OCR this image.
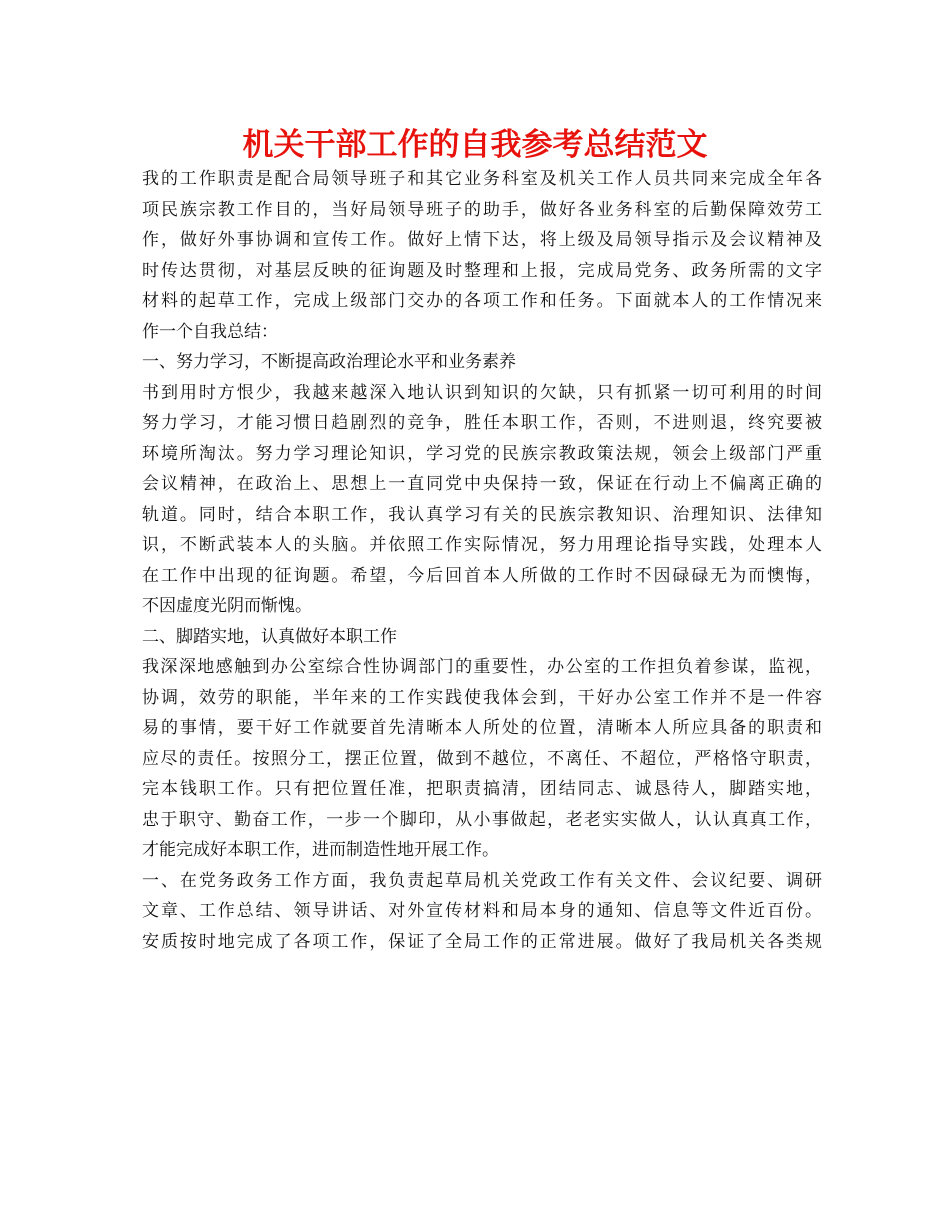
机关干部工作的自我参考总结范文

我的工作职责是配合局领导班子和其它业务科室及机关工作人员共同来完成全年各

项民族宗教工作目的，当好局领导班子的助手，做好各业务科室的后勤保障效劳工

作，做好外事协调和宣传工作。做好上情下达，将上级及局领导指示及会议精神及

时传达贯彻，对基层反映的征询题及时整理和上报，完成局党务、政务所需的文字

材料的起草工作，完成上级部门交办的各项工作和任务。下面就本人的工作情况来

作一个自我总结：

一、努力学习，不断提高政治理论水平和业务素养

书到用时方恨少，我越来越深入地认识到知识的欠缺，只有抓紧一切可利用的时间

努力学习，才能习惯日趋剧烈的竞争，胜任本职工作，否则，不进则退，终究要被

环境所淘汰。努力学习理论知识，学习党的民族宗教政策法规，领会上级部门严重

会议精神，在政治上、思想上一直同党中央保持一致，保证在行动上不偏离正确的

轨道。同时，结合本职工作，我认真学习有关的民族宗教知识、治理知识、法律知

识，不断武装本人的头脑。并依照工作实际情况，努力用理论指导实践，处理本人

在工作中出现的征询题。希望，今后回首本人所做的工作时不因碌碌无为而懊悔，

不因虚度光阴而惭愧。

二、脚踏实地，认真做好本职工作

我深深地感触到办公室综合性协调部门的重要性，办公室的工作担负着参谋，监视，

协调，效劳的职能，半年来的工作实践使我体会到，干好办公室工作并不是一件容

易的事情，要干好工作就要首先清晰本人所处的位置，清晰本人所应具备的职责和

应尽的责任。按照分工，摆正位置，做到不越位，不离任、不超位，严格恪守职责，

完本钱职工作。只有把位置任准，把职责搞清，团结同志、诚恳待人，脚踏实地，

忠于职守、勤奋工作，一步一个脚印，从小事做起，老老实实做人，认认真真工作，

才能完成好本职工作，进而制造性地开展工作。

一、在党务政务工作方面，我负责起草局机关党政工作有关文件、会议纪要、调研

文章、工作总结、领导讲话、对外宣传材料和局本身的通知、信息等文件近百份。

安质按时地完成了各项工作，保证了全局工作的正常进展。做好了我局机关各类规
